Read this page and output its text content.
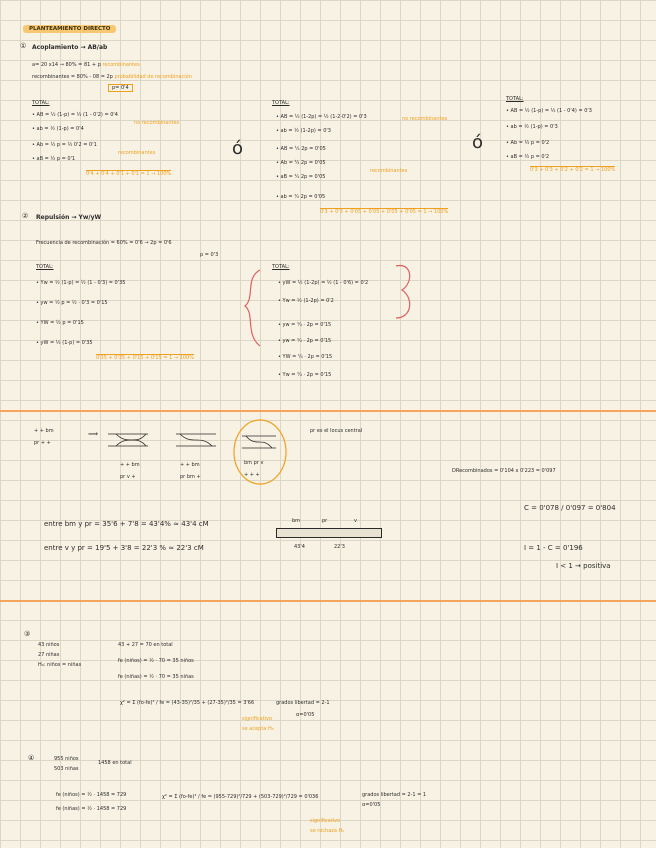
PLANTEAMIENTO DIRECTO
① Acoplamiento → AB/ab
a= 20 x14 → 80% = 81 + p recombinantes
recombinantes = 80% - 08 = 2p probabilidad de recombinación
p= 0'4
TOTAL:
• AB = ½ (1-p) = ½ (1 - 0'2) = 0'4
• ab = ½ (1-p) = 0'4
• Ab = ½ p = ½ 0'2 = 0'1
• aB = ½ p = 0'1
no recombinantes
recombinantes
0'4 + 0'4 + 0'1 + 0'1 = 1 → 100%
ó
TOTAL:
• AB = ½ (1-2p) = ½ (1-2·0'2) = 0'3
• ab = ½ (1-2p) = 0'3
• AB = ¼ 2p = 0'05
• Ab = ¼ 2p = 0'05
• aB = ¼ 2p = 0'05
• ab = ¼ 2p = 0'05
no recombinantes
recombinantes
0'3 + 0'3 + 0'05 + 0'05 + 0'05 + 0'05 = 1 → 100%
ó
TOTAL:
• AB = ½ (1-p) = ½ (1 - 0'4) = 0'3
• ab = ½ (1-p) = 0'3
• Ab = ½ p = 0'2
• aB = ½ p = 0'2
0'3 + 0'3 + 0'2 + 0'2 = 1 → 100%
② Repulsión → Yw/yW
Frecuencia de recombinación = 60% = 0'6 → 2p = 0'6
p = 0'3
TOTAL:
• Yw = ½ (1-p) = ½ (1 - 0'3) = 0'35
• yw = ½ p = ½ · 0'3 = 0'15
• YW = ½ p = 0'15
• yW = ½ (1-p) = 0'35
0'35 + 0'35 + 0'15 + 0'15 = 1 → 100%
TOTAL:
• yW = ½ (1-2p) = ½ (1 - 0'6) = 0'2
• Yw = ½ (1-2p) = 0'2
• yw = ¼ · 2p = 0'15
• yw = ¼ · 2p = 0'15
• YW = ¼ · 2p = 0'15
• Yw = ¼ · 2p = 0'15
+ + bm
pr + +
⟹
+ + bm
pr v +
+ + bm
pr bm +
bm pr v
+ + +
pr es el locus central
DRecombinados = 0'104 x 0'223 = 0'097
entre bm y pr = 35'6 + 7'8 = 43'4% ≈ 43'4 cM
entre v y pr = 19'5 + 3'8 = 22'3 % ≈ 22'3 cM
bm	pr	v
43'4	22'3
C = 0'078 / 0'097 = 0'804
I = 1 - C = 0'196
I < 1 → positiva
③
43 niños
27 niñas
H₀: niños = niñas
43 + 27 = 70 en total
fe (niños) = ½ · 70 = 35 niños
fe (niñas) = ½ · 70 = 35 niñas
χ² = Σ (fo-fe)² / fe = (43-35)²/35 + (27-35)²/35 = 3'66	grados libertad = 2-1
α=0'05
significativo
se acepta H₀
④	955 niños
503 niñas
1458 en total
fe (niños) = ½ · 1458 = 729
fe (niñas) = ½ · 1458 = 729
χ² = Σ (fo-fe)² / fe = (955-729)²/729 + (503-729)²/729 = 0'036	grados libertad = 2-1 = 1
α=0'05
significativo
se rechaza H₀
